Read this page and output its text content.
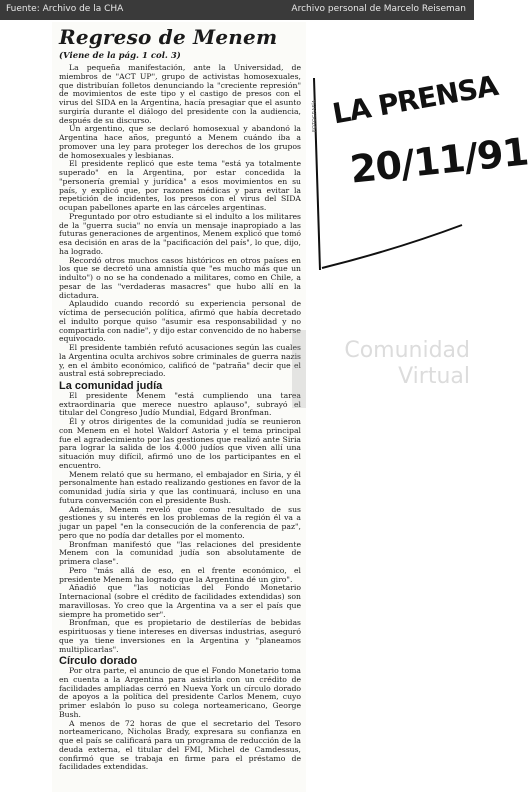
Fuente: Archivo de la CHA	Archivo personal de Marcelo Reiseman
Regreso de Menem
(Viene de la pág. 1 col. 3)

La pequeña manifestación, ante la Universidad, de miembros de "ACT UP", grupo de activistas homosexuales, que distribuían folletos denunciando la "creciente represión" de movimientos de este tipo y el castigo de presos con el virus del SIDA en la Argentina, hacía presagiar que el asunto surgiría durante el diálogo del presidente con la audiencia, después de su discurso.

Un argentino, que se declaró homosexual y abandonó la Argentina hace años, preguntó a Menem cuándo iba a promover una ley para proteger los derechos de los grupos de homosexuales y lesbianas.

El presidente replicó que este tema "está ya totalmente superado" en la Argentina, por estar concedida la "personería gremial y jurídica" a esos movimientos en su país, y explicó que, por razones médicas y para evitar la repetición de incidentes, los presos con el virus del SIDA ocupan pabellones aparte en las cárceles argentinas.

Preguntado por otro estudiante si el indulto a los militares de la "guerra sucia" no envía un mensaje inapropiado a las futuras generaciones de argentinos, Menem explicó que tomó esa decisión en aras de la "pacificación del país", lo que, dijo, ha logrado.

Recordó otros muchos casos históricos en otros países en los que se decretó una amnistía que "es mucho más que un indulto") o no se ha condenado a militares, como en Chile, a pesar de las "verdaderas masacres" que hubo allí en la dictadura.

Aplaudido cuando recordó su experiencia personal de víctima de persecución política, afirmó que había decretado el indulto porque quiso "asumir esa responsabilidad y no compartirla con nadie", y dijo estar convencido de no haberse equivocado.

El presidente también refutó acusaciones según las cuales la Argentina oculta archivos sobre criminales de guerra nazis y, en el ámbito económico, calificó de "patraña" decir que el austral está sobrepreciado.

La comunidad judía

El presidente Menem "está cumpliendo una tarea extraordinaria que merece nuestro aplauso", subrayó el titular del Congreso Judío Mundial, Edgard Bronfman.

Él y otros dirigentes de la comunidad judía se reunieron con Menem en el hotel Waldorf Astoria y el tema principal fue el agradecimiento por las gestiones que realizó ante Siria para lograr la salida de los 4.000 judíos que viven allí una situación muy difícil, afirmó uno de los participantes en el encuentro.

Menem relató que su hermano, el embajador en Siria, y él personalmente han estado realizando gestiones en favor de la comunidad judía siria y que las continuará, incluso en una futura conversación con el presidente Bush.

Además, Menem reveló que como resultado de sus gestiones y su interés en los problemas de la región él va a jugar un papel "en la consecución de la conferencia de paz", pero que no podía dar detalles por el momento.

Bronfman manifestó que "las relaciones del presidente Menem con la comunidad judía son absolutamente de primera clase".

Pero "más allá de eso, en el frente económico, el presidente Menem ha logrado que la Argentina dé un giro".

Añadió que "las noticias del Fondo Monetario Internacional (sobre el crédito de facilidades extendidas) son maravillosas. Yo creo que la Argentina va a ser el país que siempre ha prometido ser".

Bronfman, que es propietario de destilerías de bebidas espirituosas y tiene intereses en diversas industrias, aseguró que ya tiene inversiones en la Argentina y "planeamos multiplicarlas".

Círculo dorado

Por otra parte, el anuncio de que el Fondo Monetario toma en cuenta a la Argentina para asistirla con un crédito de facilidades ampliadas cerró en Nueva York un círculo dorado de apoyos a la política del presidente Carlos Menem, cuyo primer eslabón lo puso su colega norteamericano, George Bush.

A menos de 72 horas de que el secretario del Tesoro norteamericano, Nicholas Brady, expresara su confianza en que el país se calificará para un programa de reducción de la deuda externa, el titular del FMI, Michel de Camdessus, confirmó que se trabaja en firme para el préstamo de facilidades extendidas.

LA PRENSA
20/11/91
FOTOGRAFÍA
Comunidad Virtual
